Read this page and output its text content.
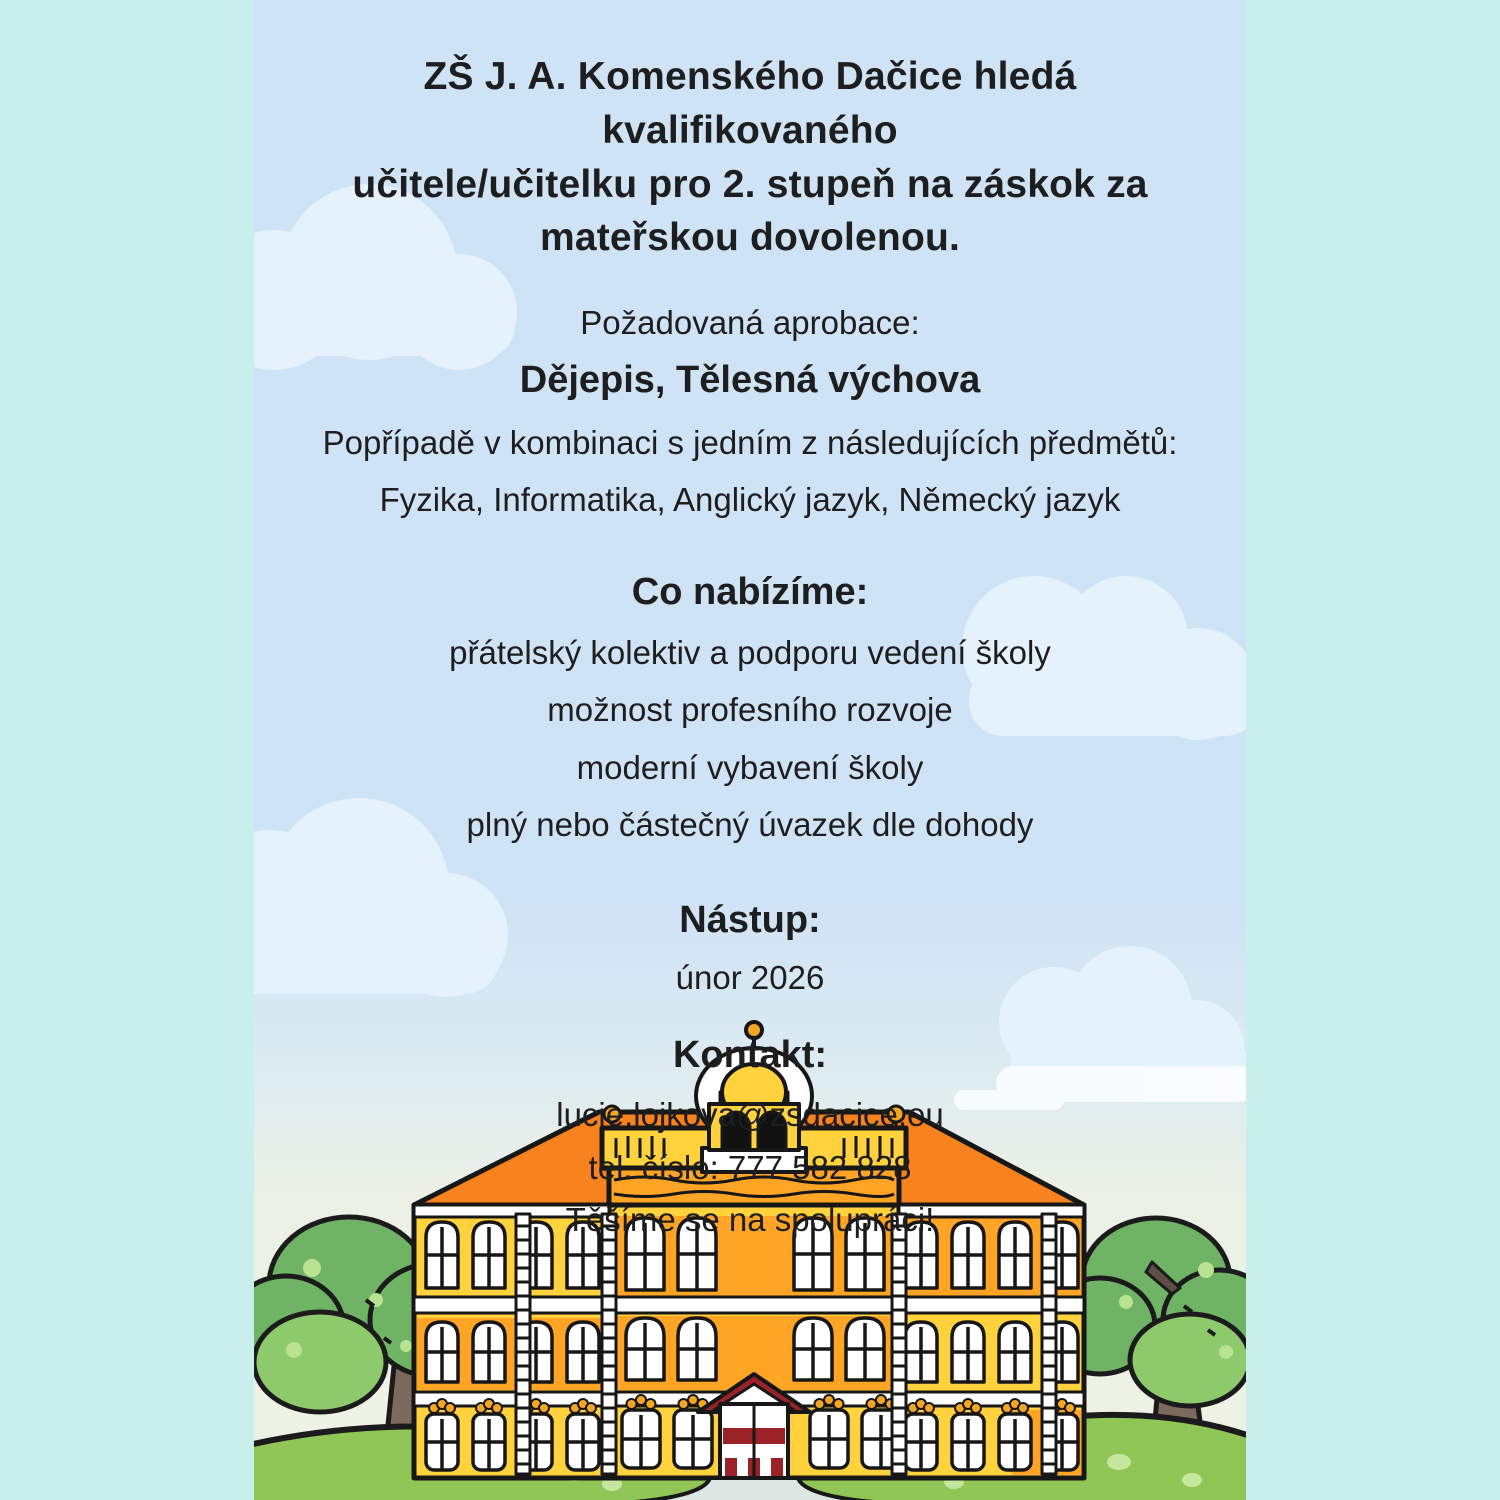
ZŠ J. A. Komenského Dačice hledá kvalifikovaného
učitele/učitelku pro 2. stupeň na záskok za
mateřskou dovolenou.
Požadovaná aprobace:
Dějepis, Tělesná výchova
Popřípadě v kombinaci s jedním z následujících předmětů:
Fyzika, Informatika, Anglický jazyk, Německý jazyk
Co nabízíme:
přátelský kolektiv a podporu vedení školy
možnost profesního rozvoje
moderní vybavení školy
plný nebo částečný úvazek dle dohody
Nástup:
únor 2026
Kontakt:
lucie.lojkova@zsdacice.eu
tel. číslo: 777 582 828
Těšíme se na spolupráci!
